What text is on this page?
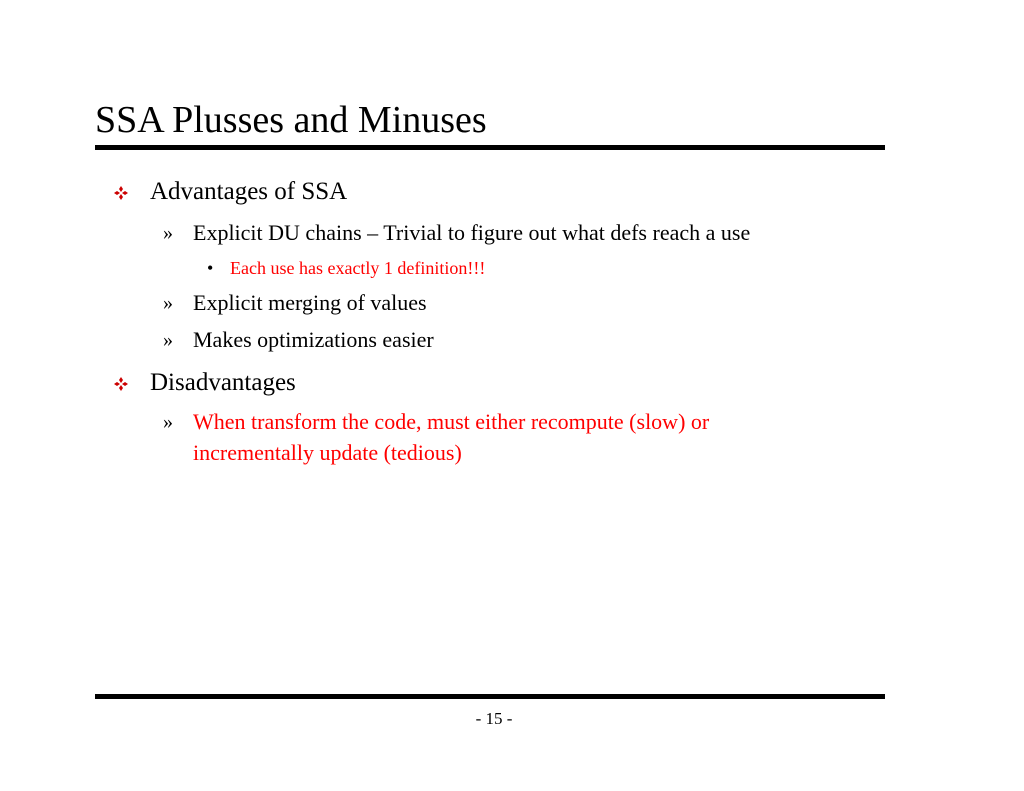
SSA Plusses and Minuses
Advantages of SSA
» Explicit DU chains – Trivial to figure out what defs reach a use
• Each use has exactly 1 definition!!!
» Explicit merging of values
» Makes optimizations easier
Disadvantages
» When transform the code, must either recompute (slow) or
incrementally update (tedious)
- 15 -
